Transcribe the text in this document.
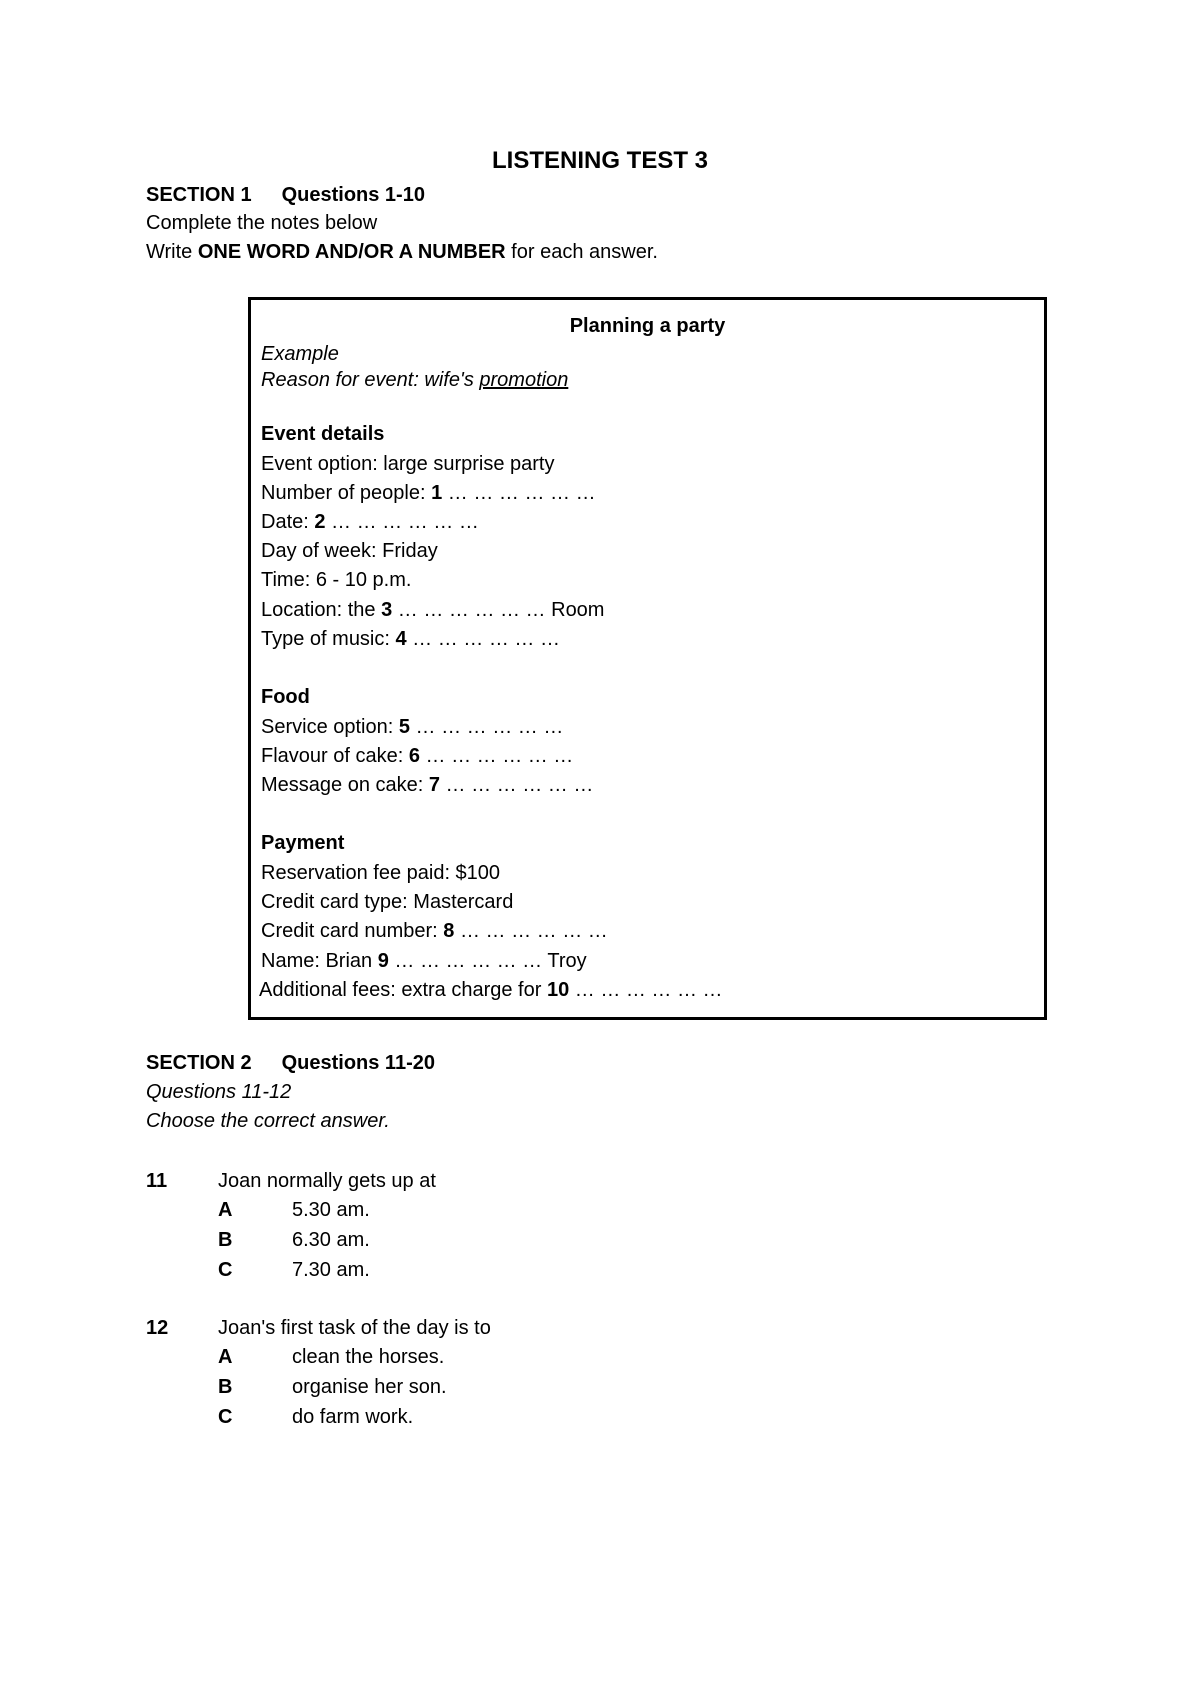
LISTENING TEST 3
SECTION 1 Questions 1-10
Complete the notes below
Write ONE WORD AND/OR A NUMBER for each answer.
Planning a party
Example
Reason for event: wife's promotion
Event details
Event option: large surprise party
Number of people: 1 … … … … … …
Date: 2 … … … … … …
Day of week: Friday
Time: 6 - 10 p.m.
Location: the 3 … … … … … … Room
Type of music: 4 … … … … … …
Food
Service option: 5 … … … … … …
Flavour of cake: 6 … … … … … …
Message on cake: 7 … … … … … …
Payment
Reservation fee paid: $100
Credit card type: Mastercard
Credit card number: 8 … … … … … …
Name: Brian 9 … … … … … … Troy
Additional fees: extra charge for 10 … … … … … …
SECTION 2 Questions 11-20
Questions 11-12
Choose the correct answer.
11	Joan normally gets up at
A	5.30 am.
B	6.30 am.
C	7.30 am.
12 Joan's first task of the day is to
A	clean the horses.
B	organise her son.
C	do farm work.
